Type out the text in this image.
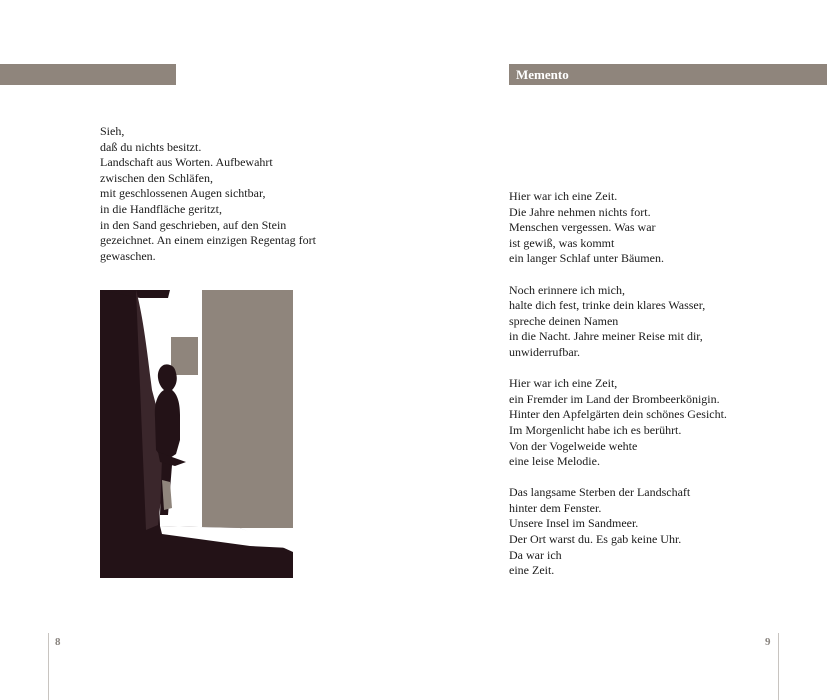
Jahre in G.
Sieh,
daß du nichts besitzt.
Landschaft aus Worten. Aufbewahrt
zwischen den Schläfen,
mit geschlossenen Augen sichtbar,
in die Handfläche geritzt,
in den Sand geschrieben, auf den Stein
gezeichnet. An einem einzigen Regentag fort
gewaschen.
8
Memento
Hier war ich eine Zeit.
Die Jahre nehmen nichts fort.
Menschen vergessen. Was war
ist gewiß, was kommt
ein langer Schlaf unter Bäumen.
Noch erinnere ich mich,
halte dich fest, trinke dein klares Wasser,
spreche deinen Namen
in die Nacht. Jahre meiner Reise mit dir,
unwiderrufbar.
Hier war ich eine Zeit,
ein Fremder im Land der Brombeerkönigin.
Hinter den Apfelgärten dein schönes Gesicht.
Im Morgenlicht habe ich es berührt.
Von der Vogelweide wehte
eine leise Melodie.
Das langsame Sterben der Landschaft
hinter dem Fenster.
Unsere Insel im Sandmeer.
Der Ort warst du. Es gab keine Uhr.
Da war ich
eine Zeit.
9
